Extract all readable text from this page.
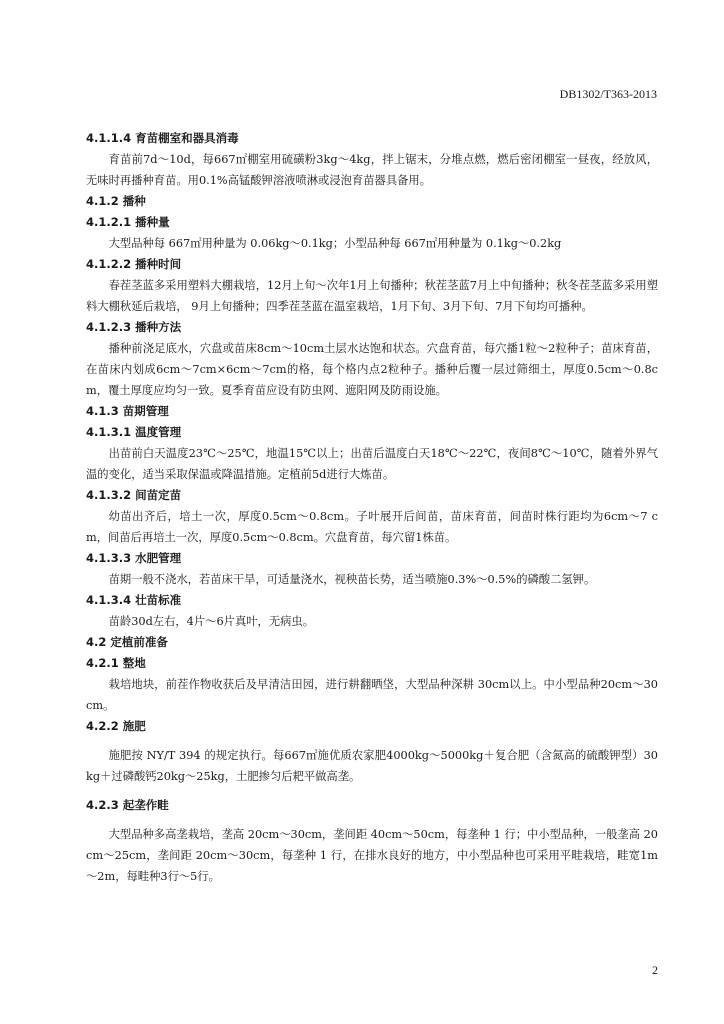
DB1302/T363-2013
4.1.1.4 育苗棚室和器具消毒
育苗前7d～10d，每667㎡棚室用硫磺粉3kg～4kg，拌上锯末，分堆点燃，燃后密闭棚室一昼夜，经放风，无味时再播种育苗。用0.1%高锰酸钾溶液喷淋或浸泡育苗器具备用。
4.1.2 播种
4.1.2.1 播种量
大型品种每 667㎡用种量为 0.06kg～0.1kg；小型品种每 667㎡用种量为 0.1kg～0.2kg
4.1.2.2 播种时间
春茬茎蓝多采用塑料大棚栽培，12月上旬～次年1月上旬播种；秋茬茎蓝7月上中旬播种；秋冬茬茎蓝多采用塑料大棚秋延后栽培， 9月上旬播种；四季茬茎蓝在温室栽培，1月下旬、3月下旬、7月下旬均可播种。
4.1.2.3 播种方法
播种前浇足底水，穴盘或苗床8cm～10cm土层水达饱和状态。穴盘育苗，每穴播1粒～2粒种子；苗床育苗，在苗床内划成6cm～7cm×6cm～7cm的格，每个格内点2粒种子。播种后覆一层过筛细土，厚度0.5cm～0.8cm，覆土厚度应均匀一致。夏季育苗应设有防虫网、遮阳网及防雨设施。
4.1.3 苗期管理
4.1.3.1 温度管理
出苗前白天温度23℃～25℃，地温15℃以上；出苗后温度白天18℃～22℃，夜间8℃～10℃，随着外界气温的变化，适当采取保温或降温措施。定植前5d进行大炼苗。
4.1.3.2 间苗定苗
幼苗出齐后，培土一次，厚度0.5cm～0.8cm。子叶展开后间苗，苗床育苗，间苗时株行距均为6cm～7 cm，间苗后再培土一次，厚度0.5cm～0.8cm。穴盘育苗，每穴留1株苗。
4.1.3.3 水肥管理
苗期一般不浇水，若苗床干旱，可适量浇水，视秧苗长势，适当喷施0.3%～0.5%的磷酸二氢钾。
4.1.3.4 壮苗标准
苗龄30d左右，4片～6片真叶，无病虫。
4.2 定植前准备
4.2.1 整地
栽培地块，前茬作物收获后及早清洁田园，进行耕翻晒垡，大型品种深耕 30cm以上。中小型品种20cm～30cm。
4.2.2 施肥
施肥按 NY/T 394 的规定执行。每667㎡施优质农家肥4000kg～5000kg＋复合肥（含氮高的硫酸钾型）30kg＋过磷酸钙20kg～25kg，土肥掺匀后耙平做高垄。
4.2.3 起垄作畦
大型品种多高垄栽培，垄高 20cm～30cm，垄间距 40cm～50cm，每垄种 1 行；中小型品种，一般垄高 20cm～25cm，垄间距 20cm～30cm，每垄种 1 行，在排水良好的地方，中小型品种也可采用平畦栽培，畦宽1m～2m，每畦种3行～5行。
2
